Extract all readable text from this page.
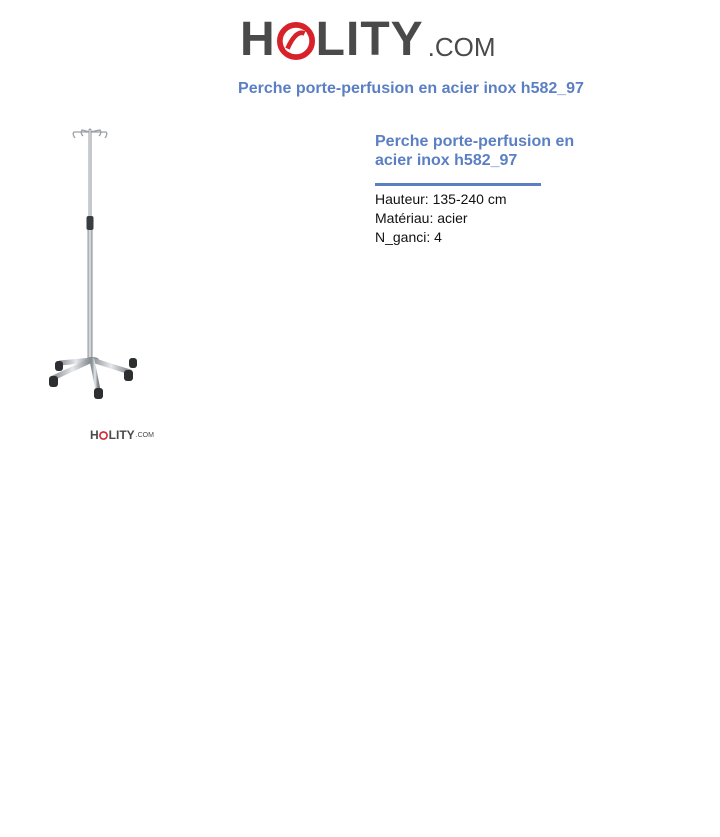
H LITY .COM
Perche porte-perfusion en acier inox h582_97
H LITY .COM
Perche porte-perfusion en acier inox h582_97
Hauteur: 135-240 cm
Matériau: acier
N_ganci: 4
